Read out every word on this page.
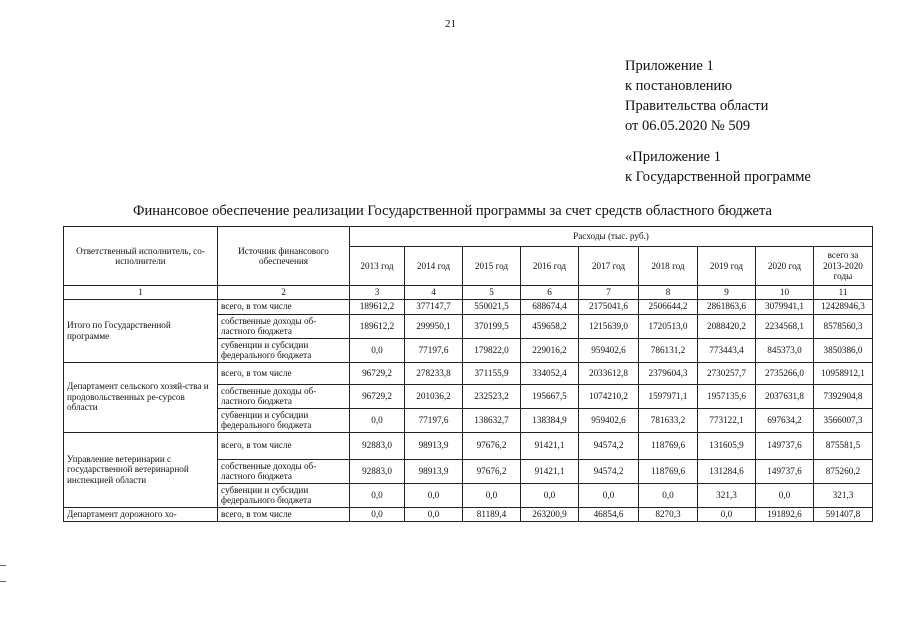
21
Приложение 1
к постановлению
Правительства области
от 06.05.2020 № 509
«Приложение 1
к Государственной программе
Финансовое обеспечение реализации Государственной программы за счет средств областного бюджета
Ответственный исполнитель, со-исполнители	Источник финансового обеспечения	Расходы (тыс. руб.)								
		2013 год	2014 год	2015 год	2016 год	2017 год	2018 год	2019 год	2020 год	всего за 2013-2020 годы
1	2	3	4	5	6	7	8	9	10	11
Итого по Государственной программе	всего, в том числе	189612,2	377147,7	550021,5	688674,4	2175041,6	2506644,2	2861863,6	3079941,1	12428946,3
	собственные доходы об-ластного бюджета	189612,2	299950,1	370199,5	459658,2	1215639,0	1720513,0	2088420,2	2234568,1	8578560,3
	субвенции и субсидии федерального бюджета	0,0	77197,6	179822,0	229016,2	959402,6	786131,2	773443,4	845373,0	3850386,0
Департамент сельского хозяй-ства и продовольственных ре-сурсов области	всего, в том числе	96729,2	278233,8	371155,9	334052,4	2033612,8	2379604,3	2730257,7	2735266,0	10958912,1
	собственные доходы об-ластного бюджета	96729,2	201036,2	232523,2	195667,5	1074210,2	1597971,1	1957135,6	2037631,8	7392904,8
	субвенции и субсидии федерального бюджета	0,0	77197,6	138632,7	138384,9	959402,6	781633,2	773122,1	697634,2	3566007,3
Управление ветеринарии с государственной ветеринарной инспекцией области	всего, в том числе	92883,0	98913,9	97676,2	91421,1	94574,2	118769,6	131605,9	149737,6	875581,5
	собственные доходы об-ластного бюджета	92883,0	98913,9	97676,2	91421,1	94574,2	118769,6	131284,6	149737,6	875260,2
	субвенции и субсидии федерального бюджета	0,0	0,0	0,0	0,0	0,0	0,0	321,3	0,0	321,3
Департамент дорожного хо-	всего, в том числе	0,0	0,0	81189,4	263200,9	46854,6	8270,3	0,0	191892,6	591407,8
